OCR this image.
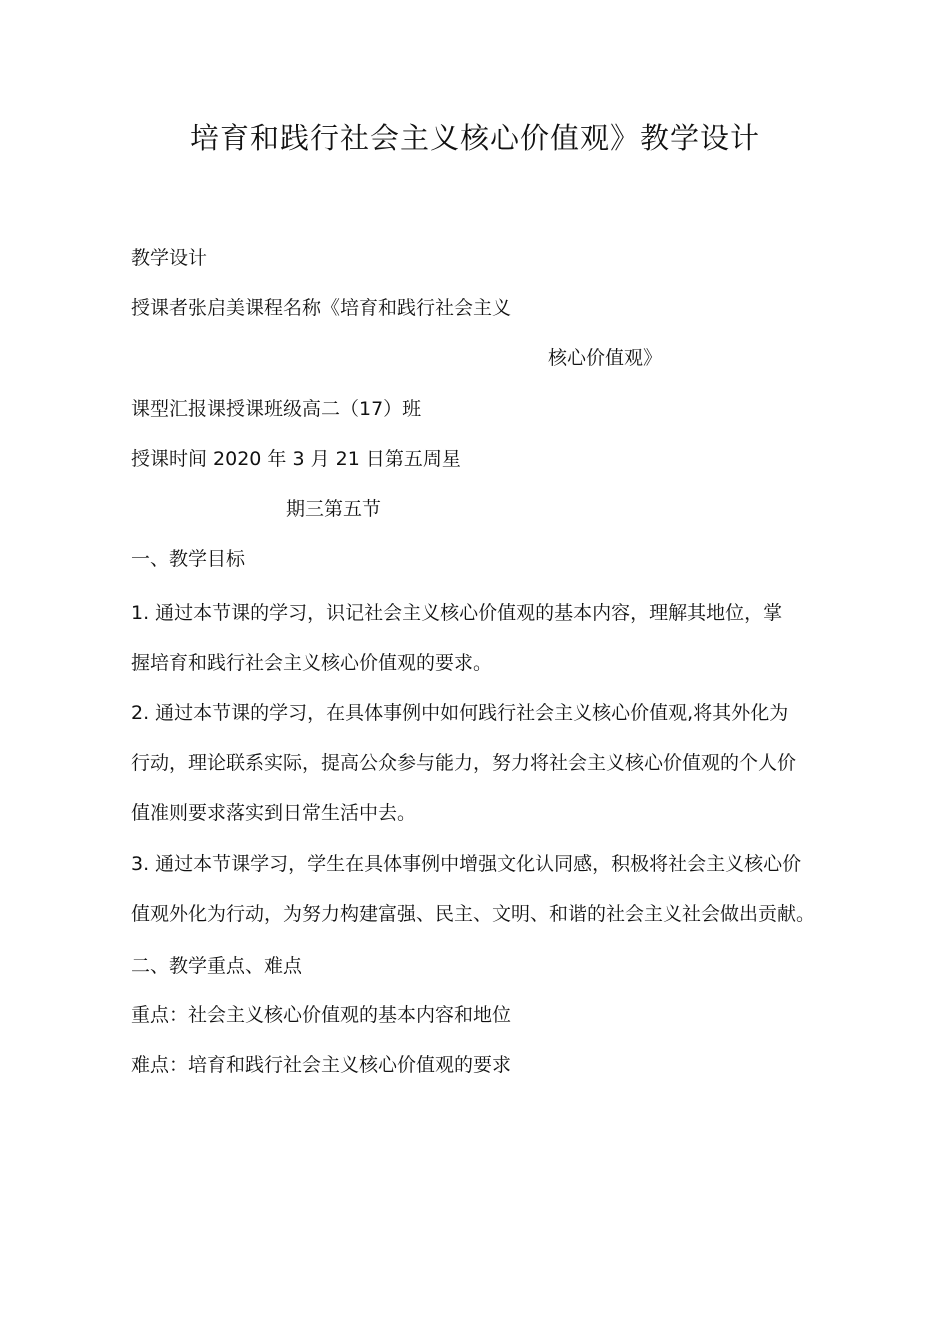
培育和践行社会主义核心价值观》教学设计
教学设计
授课者张启美课程名称《培育和践行社会主义
核心价值观》
课型汇报课授课班级高二（17）班
授课时间 2020 年 3 月 21 日第五周星
期三第五节
一、教学目标
1. 通过本节课的学习，识记社会主义核心价值观的基本内容，理解其地位，掌
握培育和践行社会主义核心价值观的要求。
2. 通过本节课的学习，在具体事例中如何践行社会主义核心价值观,将其外化为
行动，理论联系实际，提高公众参与能力，努力将社会主义核心价值观的个人价
值准则要求落实到日常生活中去。
3. 通过本节课学习，学生在具体事例中增强文化认同感，积极将社会主义核心价
值观外化为行动，为努力构建富强、民主、文明、和谐的社会主义社会做出贡献。
二、教学重点、难点
重点：社会主义核心价值观的基本内容和地位
难点：培育和践行社会主义核心价值观的要求
